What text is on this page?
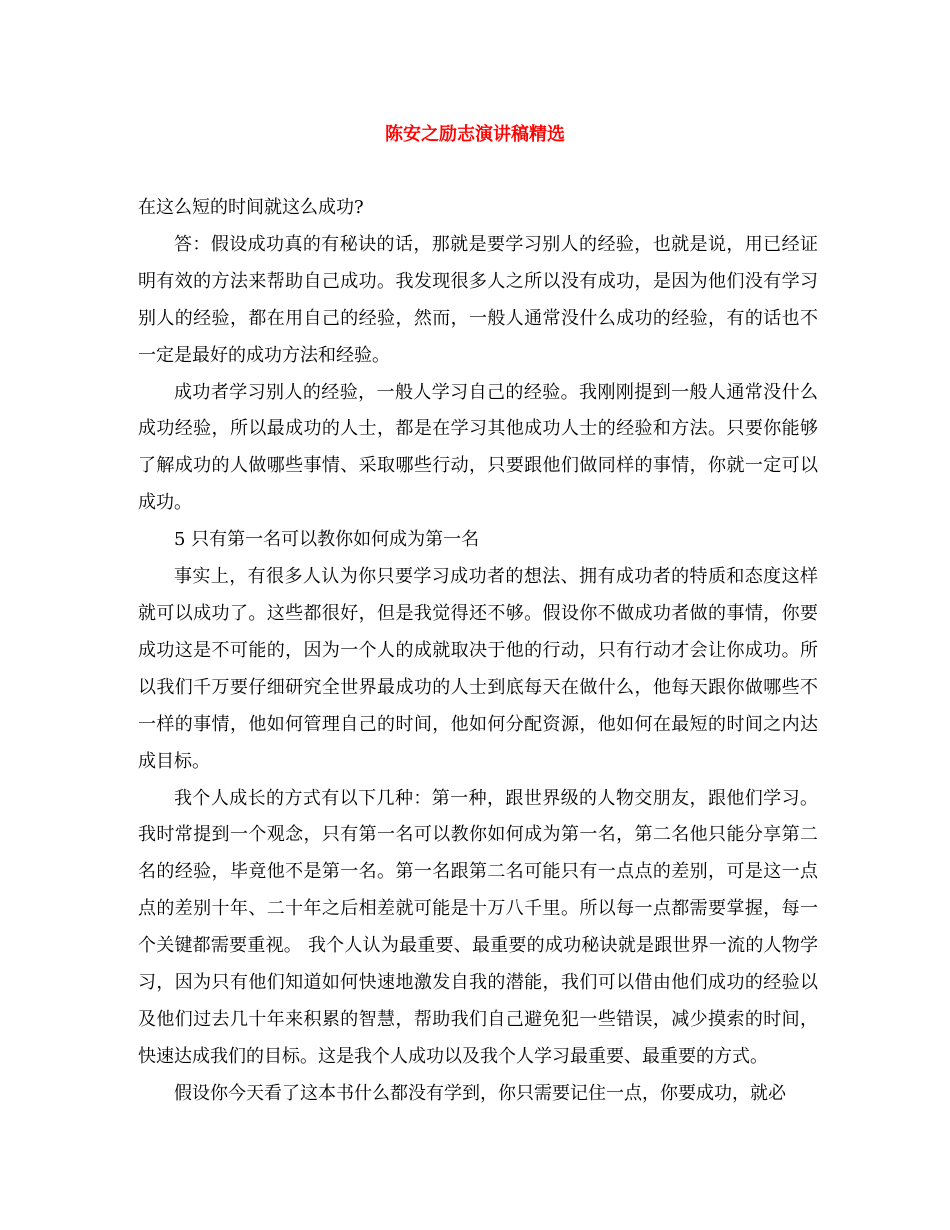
陈安之励志演讲稿精选

在这么短的时间就这么成功?

答：假设成功真的有秘诀的话，那就是要学习别人的经验，也就是说，用已经证明有效的方法来帮助自己成功。我发现很多人之所以没有成功，是因为他们没有学习别人的经验，都在用自己的经验，然而，一般人通常没什么成功的经验，有的话也不一定是最好的成功方法和经验。

成功者学习别人的经验，一般人学习自己的经验。我刚刚提到一般人通常没什么成功经验，所以最成功的人士，都是在学习其他成功人士的经验和方法。只要你能够了解成功的人做哪些事情、采取哪些行动，只要跟他们做同样的事情，你就一定可以成功。

5 只有第一名可以教你如何成为第一名

事实上，有很多人认为你只要学习成功者的想法、拥有成功者的特质和态度这样就可以成功了。这些都很好，但是我觉得还不够。假设你不做成功者做的事情，你要成功这是不可能的，因为一个人的成就取决于他的行动，只有行动才会让你成功。所以我们千万要仔细研究全世界最成功的人士到底每天在做什么，他每天跟你做哪些不一样的事情，他如何管理自己的时间，他如何分配资源，他如何在最短的时间之内达成目标。

我个人成长的方式有以下几种：第一种，跟世界级的人物交朋友，跟他们学习。我时常提到一个观念，只有第一名可以教你如何成为第一名，第二名他只能分享第二名的经验，毕竟他不是第一名。第一名跟第二名可能只有一点点的差别，可是这一点点的差别十年、二十年之后相差就可能是十万八千里。所以每一点都需要掌握，每一个关键都需要重视。 我个人认为最重要、最重要的成功秘诀就是跟世界一流的人物学习，因为只有他们知道如何快速地激发自我的潜能，我们可以借由他们成功的经验以及他们过去几十年来积累的智慧，帮助我们自己避免犯一些错误，减少摸索的时间，快速达成我们的目标。这是我个人成功以及我个人学习最重要、最重要的方式。

假设你今天看了这本书什么都没有学到，你只需要记住一点，你要成功，就必
